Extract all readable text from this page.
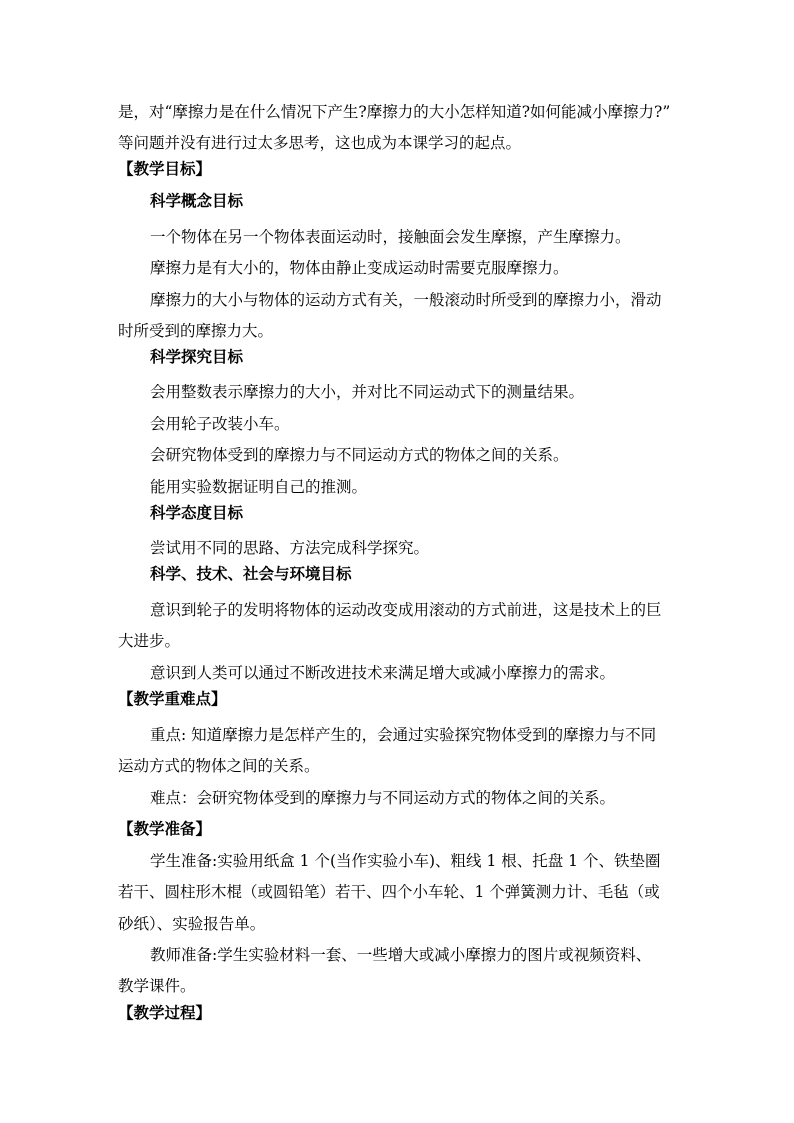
是，对“摩擦力是在什么情况下产生?摩擦力的大小怎样知道?如何能减小摩擦力?”

等问题并没有进行过太多思考，这也成为本课学习的起点。

【教学目标】

科学概念目标

一个物体在另一个物体表面运动时，接触面会发生摩擦，产生摩擦力。

摩擦力是有大小的，物体由静止变成运动时需要克服摩擦力。

摩擦力的大小与物体的运动方式有关，一般滚动时所受到的摩擦力小，滑动

时所受到的摩擦力大。

科学探究目标

会用整数表示摩擦力的大小，并对比不同运动式下的测量结果。

会用轮子改装小车。

会研究物体受到的摩擦力与不同运动方式的物体之间的关系。

能用实验数据证明自己的推测。

科学态度目标

尝试用不同的思路、方法完成科学探究。

科学、技术、社会与环境目标

意识到轮子的发明将物体的运动改变成用滚动的方式前进，这是技术上的巨

大进步。

意识到人类可以通过不断改进技术来满足增大或减小摩擦力的需求。

【教学重难点】

重点: 知道摩擦力是怎样产生的，会通过实验探究物体受到的摩擦力与不同

运动方式的物体之间的关系。

难点：会研究物体受到的摩擦力与不同运动方式的物体之间的关系。

【教学准备】

学生准备:实验用纸盒 1 个(当作实验小车)、粗线 1 根、托盘 1 个、铁垫圈

若干、圆柱形木棍（或圆铅笔）若干、四个小车轮、1 个弹簧测力计、毛毡（或

砂纸）、实验报告单。

教师准备:学生实验材料一套、一些增大或减小摩擦力的图片或视频资料、

教学课件。

【教学过程】
